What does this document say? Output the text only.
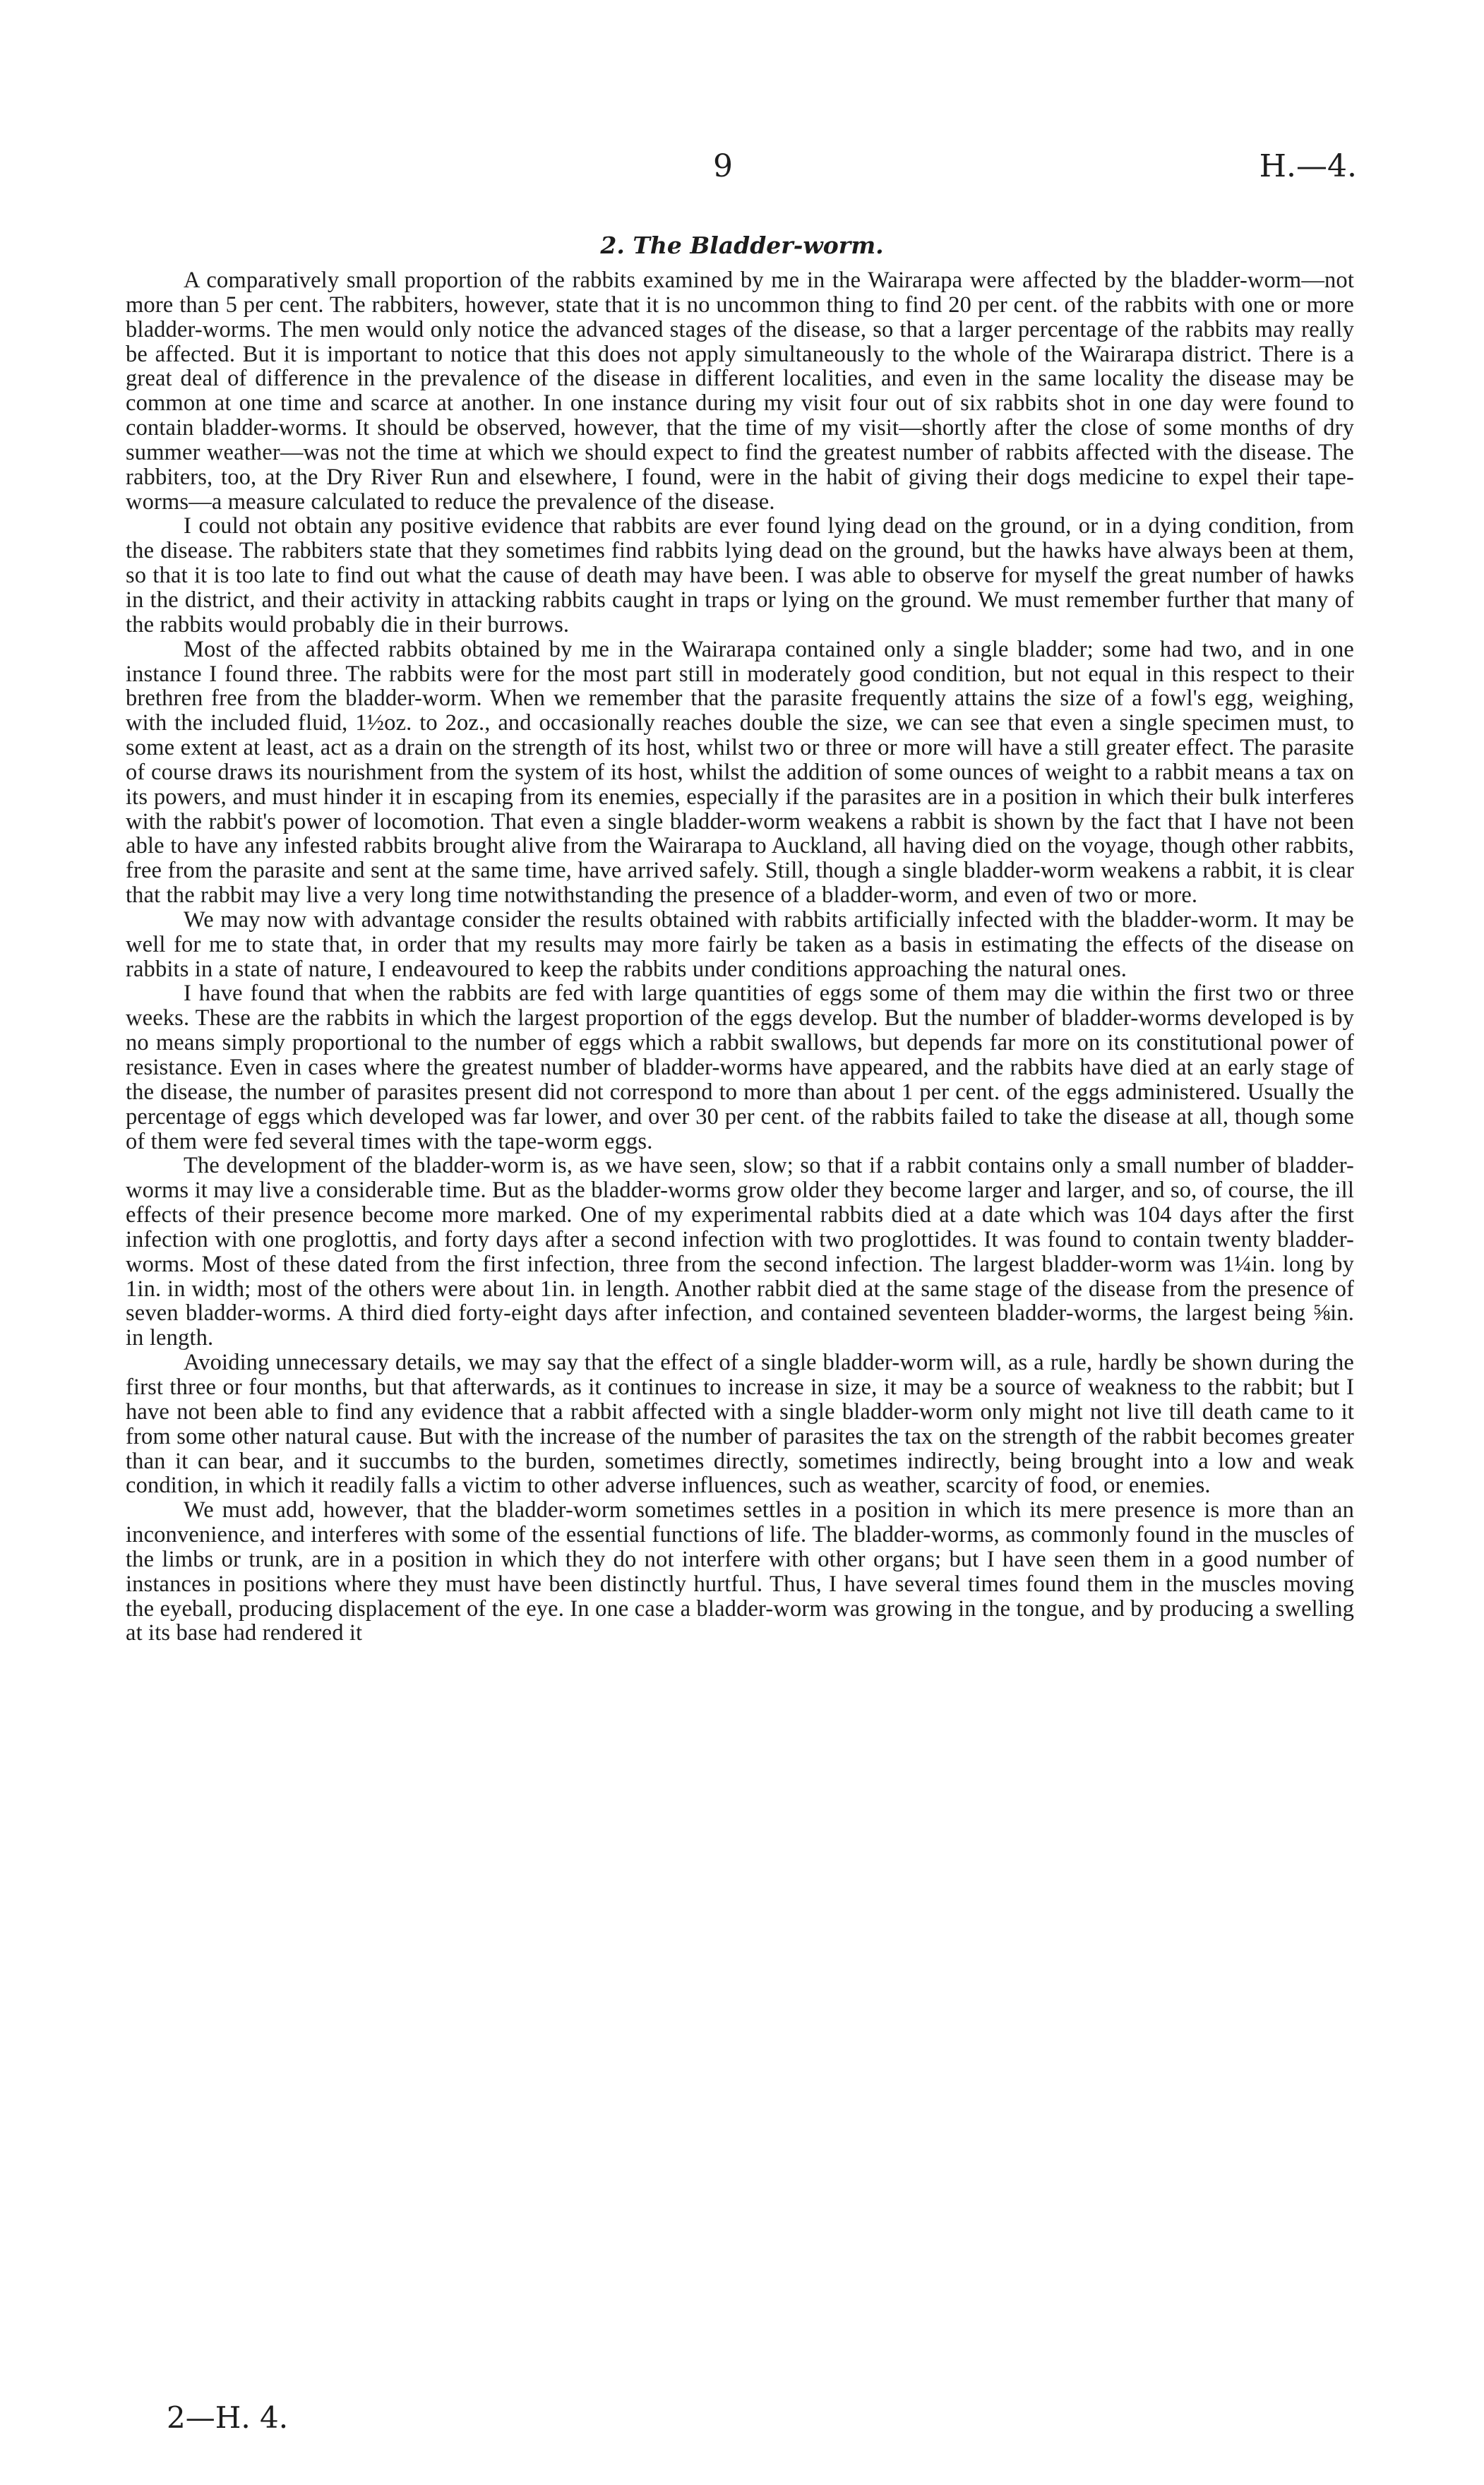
9	H.—4.
2. The Bladder-worm.

A comparatively small proportion of the rabbits examined by me in the Wairarapa were affected by the bladder-worm—not more than 5 per cent. The rabbiters, however, state that it is no uncommon thing to find 20 per cent. of the rabbits with one or more bladder-worms. The men would only notice the advanced stages of the disease, so that a larger percentage of the rabbits may really be affected. But it is important to notice that this does not apply simultaneously to the whole of the Wairarapa district. There is a great deal of difference in the prevalence of the disease in different localities, and even in the same locality the disease may be common at one time and scarce at another. In one instance during my visit four out of six rabbits shot in one day were found to contain bladder-worms. It should be observed, however, that the time of my visit—shortly after the close of some months of dry summer weather—was not the time at which we should expect to find the greatest number of rabbits affected with the disease. The rabbiters, too, at the Dry River Run and elsewhere, I found, were in the habit of giving their dogs medicine to expel their tape-worms—a measure calculated to reduce the prevalence of the disease.

I could not obtain any positive evidence that rabbits are ever found lying dead on the ground, or in a dying condition, from the disease. The rabbiters state that they sometimes find rabbits lying dead on the ground, but the hawks have always been at them, so that it is too late to find out what the cause of death may have been. I was able to observe for myself the great number of hawks in the district, and their activity in attacking rabbits caught in traps or lying on the ground. We must remember further that many of the rabbits would probably die in their burrows.

Most of the affected rabbits obtained by me in the Wairarapa contained only a single bladder; some had two, and in one instance I found three. The rabbits were for the most part still in moderately good condition, but not equal in this respect to their brethren free from the bladder-worm. When we remember that the parasite frequently attains the size of a fowl's egg, weighing, with the included fluid, 1½oz. to 2oz., and occasionally reaches double the size, we can see that even a single specimen must, to some extent at least, act as a drain on the strength of its host, whilst two or three or more will have a still greater effect. The parasite of course draws its nourishment from the system of its host, whilst the addition of some ounces of weight to a rabbit means a tax on its powers, and must hinder it in escaping from its enemies, especially if the parasites are in a position in which their bulk interferes with the rabbit's power of locomotion. That even a single bladder-worm weakens a rabbit is shown by the fact that I have not been able to have any infested rabbits brought alive from the Wairarapa to Auckland, all having died on the voyage, though other rabbits, free from the parasite and sent at the same time, have arrived safely. Still, though a single bladder-worm weakens a rabbit, it is clear that the rabbit may live a very long time notwithstanding the presence of a bladder-worm, and even of two or more.

We may now with advantage consider the results obtained with rabbits artificially infected with the bladder-worm. It may be well for me to state that, in order that my results may more fairly be taken as a basis in estimating the effects of the disease on rabbits in a state of nature, I endeavoured to keep the rabbits under conditions approaching the natural ones.

I have found that when the rabbits are fed with large quantities of eggs some of them may die within the first two or three weeks. These are the rabbits in which the largest proportion of the eggs develop. But the number of bladder-worms developed is by no means simply proportional to the number of eggs which a rabbit swallows, but depends far more on its constitutional power of resistance. Even in cases where the greatest number of bladder-worms have appeared, and the rabbits have died at an early stage of the disease, the number of parasites present did not correspond to more than about 1 per cent. of the eggs administered. Usually the percentage of eggs which developed was far lower, and over 30 per cent. of the rabbits failed to take the disease at all, though some of them were fed several times with the tape-worm eggs.

The development of the bladder-worm is, as we have seen, slow; so that if a rabbit contains only a small number of bladder-worms it may live a considerable time. But as the bladder-worms grow older they become larger and larger, and so, of course, the ill effects of their presence become more marked. One of my experimental rabbits died at a date which was 104 days after the first infection with one proglottis, and forty days after a second infection with two proglottides. It was found to contain twenty bladder-worms. Most of these dated from the first infection, three from the second infection. The largest bladder-worm was 1¼in. long by 1in. in width; most of the others were about 1in. in length. Another rabbit died at the same stage of the disease from the presence of seven bladder-worms. A third died forty-eight days after infection, and contained seventeen bladder-worms, the largest being ⅝in. in length.

Avoiding unnecessary details, we may say that the effect of a single bladder-worm will, as a rule, hardly be shown during the first three or four months, but that afterwards, as it continues to increase in size, it may be a source of weakness to the rabbit; but I have not been able to find any evidence that a rabbit affected with a single bladder-worm only might not live till death came to it from some other natural cause. But with the increase of the number of parasites the tax on the strength of the rabbit becomes greater than it can bear, and it succumbs to the burden, sometimes directly, sometimes indirectly, being brought into a low and weak condition, in which it readily falls a victim to other adverse influences, such as weather, scarcity of food, or enemies.

We must add, however, that the bladder-worm sometimes settles in a position in which its mere presence is more than an inconvenience, and interferes with some of the essential functions of life. The bladder-worms, as commonly found in the muscles of the limbs or trunk, are in a position in which they do not interfere with other organs; but I have seen them in a good number of instances in positions where they must have been distinctly hurtful. Thus, I have several times found them in the muscles moving the eyeball, producing displacement of the eye. In one case a bladder-worm was growing in the tongue, and by producing a swelling at its base had rendered it

2—H. 4.
